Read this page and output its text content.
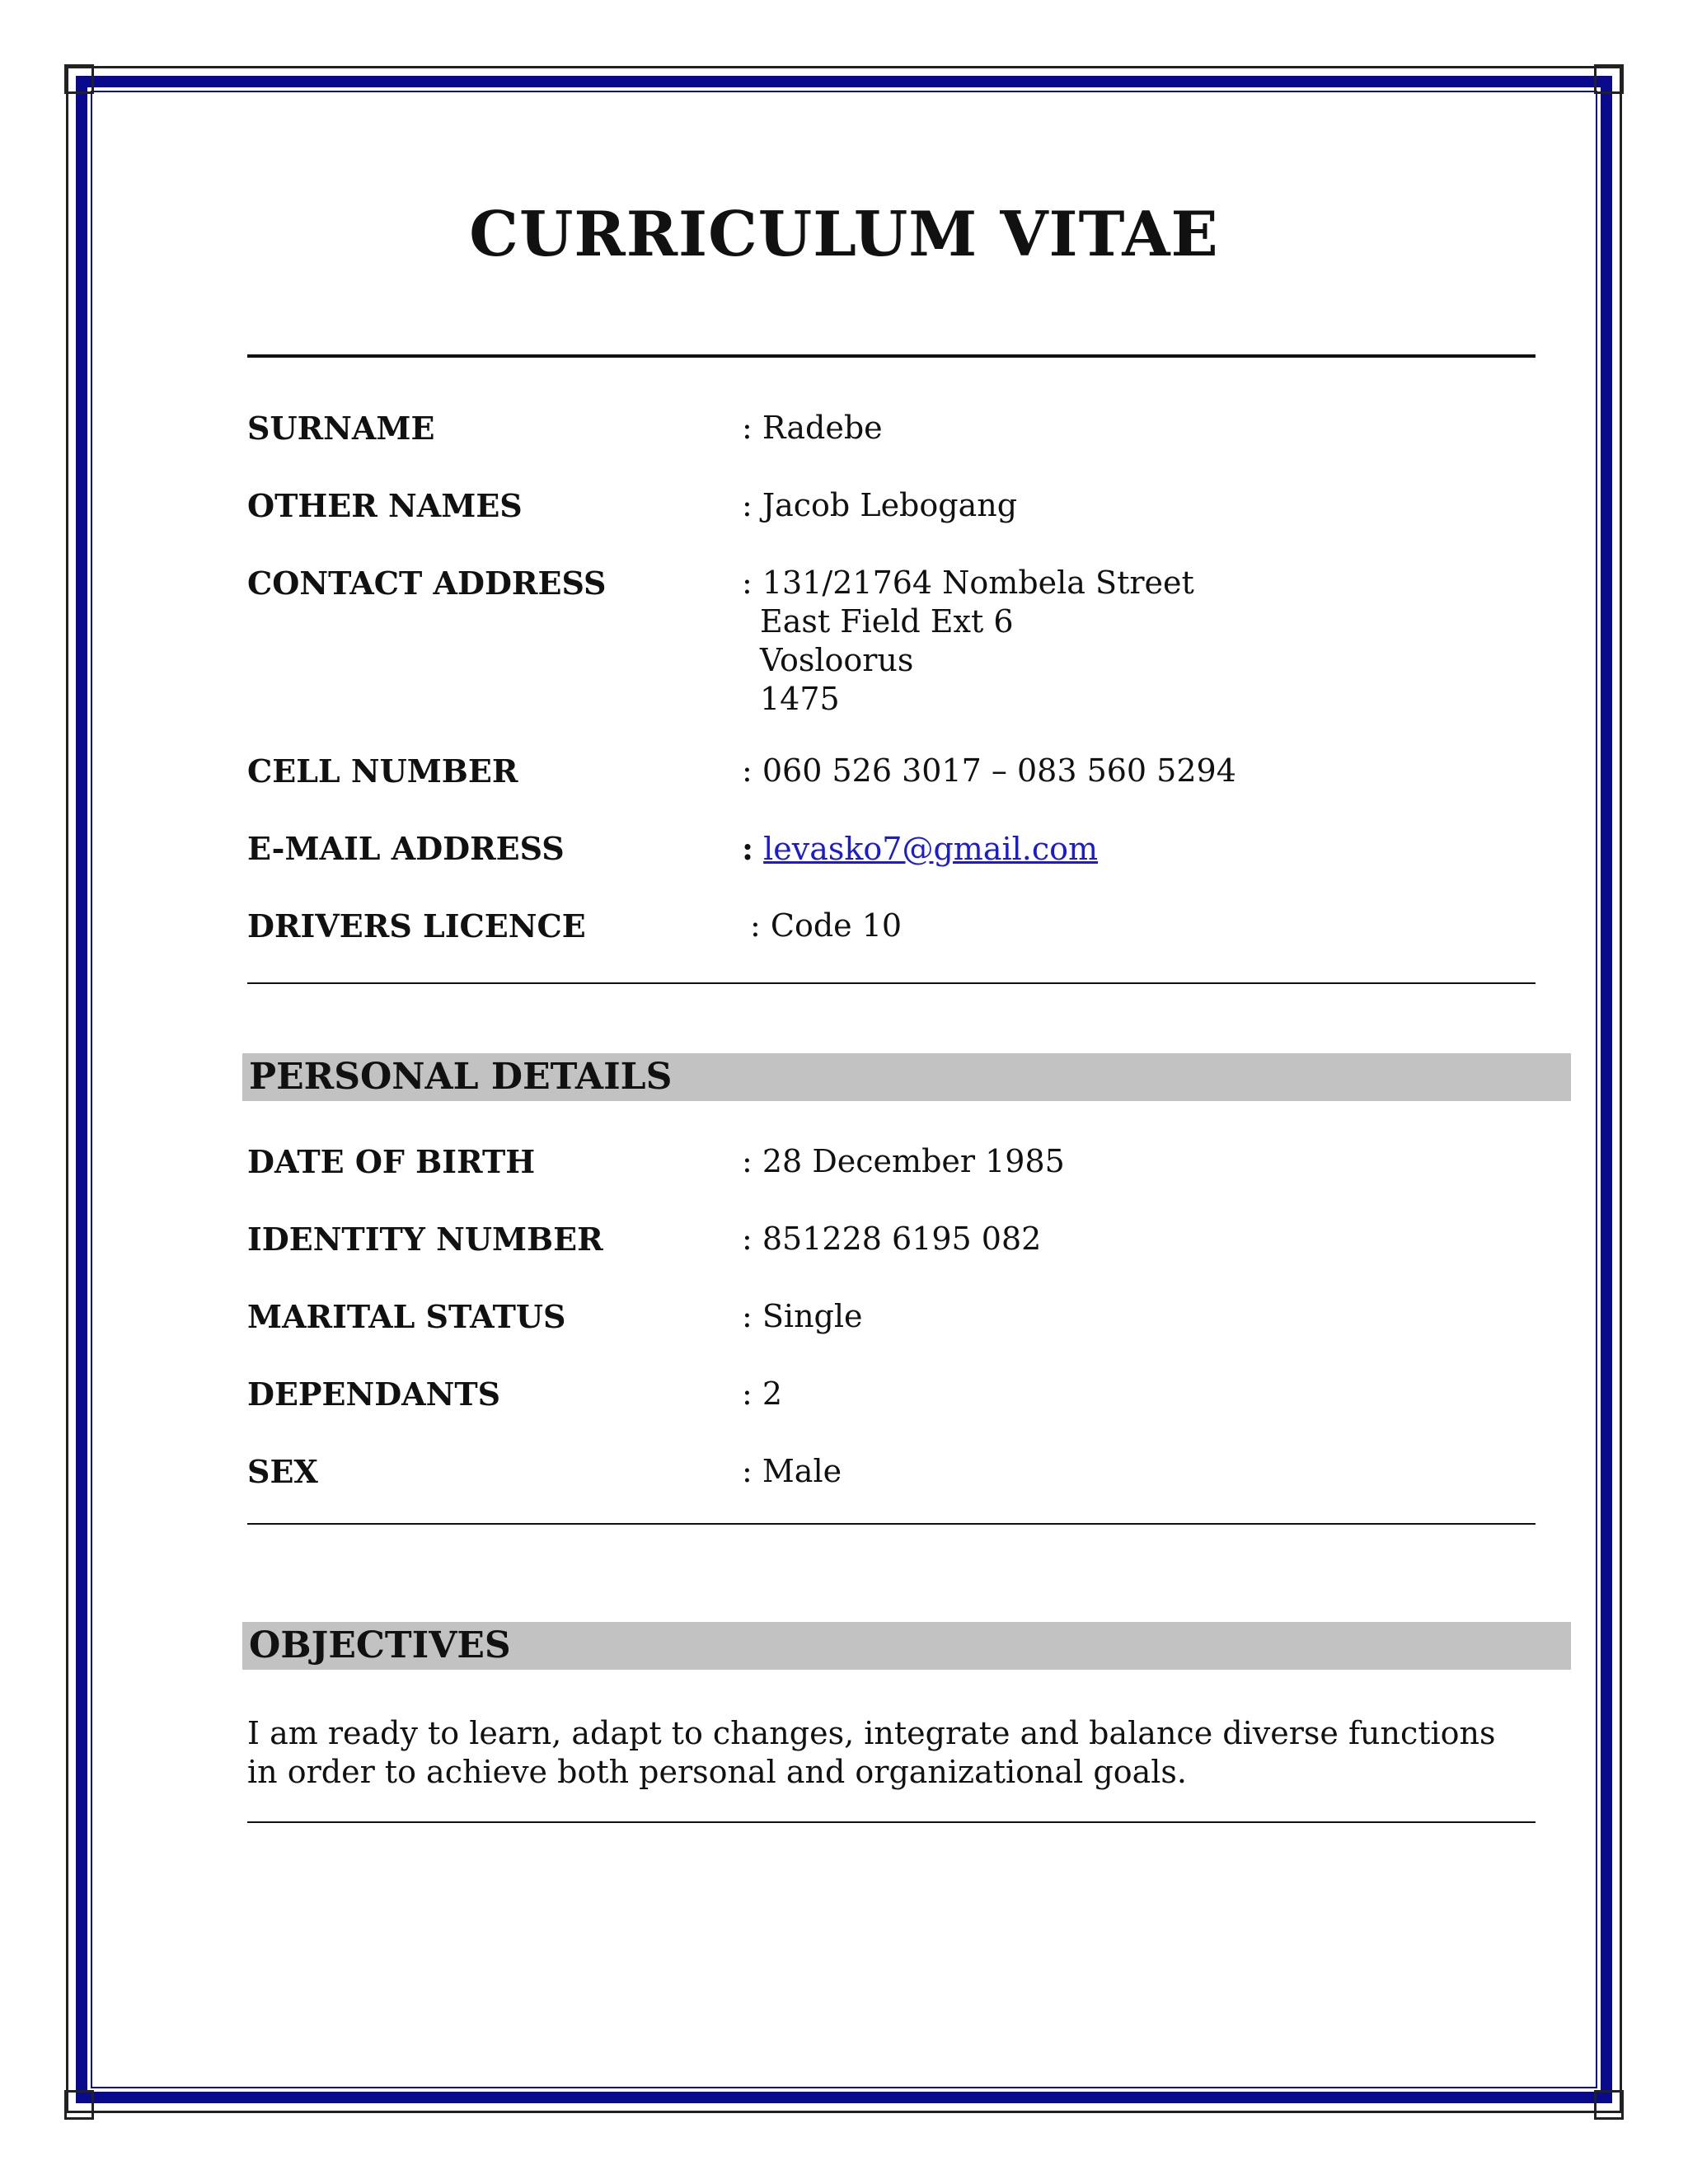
CURRICULUM VITAE
SURNAME	: Radebe
OTHER NAMES	: Jacob Lebogang
CONTACT ADDRESS	: 131/21764 Nombela Street
East Field Ext 6
Vosloorus
1475
CELL NUMBER	: 060 526 3017 – 083 560 5294
E-MAIL ADDRESS	: levasko7@gmail.com
DRIVERS LICENCE	: Code 10
PERSONAL DETAILS
DATE OF BIRTH	: 28 December 1985
IDENTITY NUMBER	: 851228 6195 082
MARITAL STATUS	: Single
DEPENDANTS	: 2
SEX	: Male
OBJECTIVES
I am ready to learn, adapt to changes, integrate and balance diverse functions in order to achieve both personal and organizational goals.
